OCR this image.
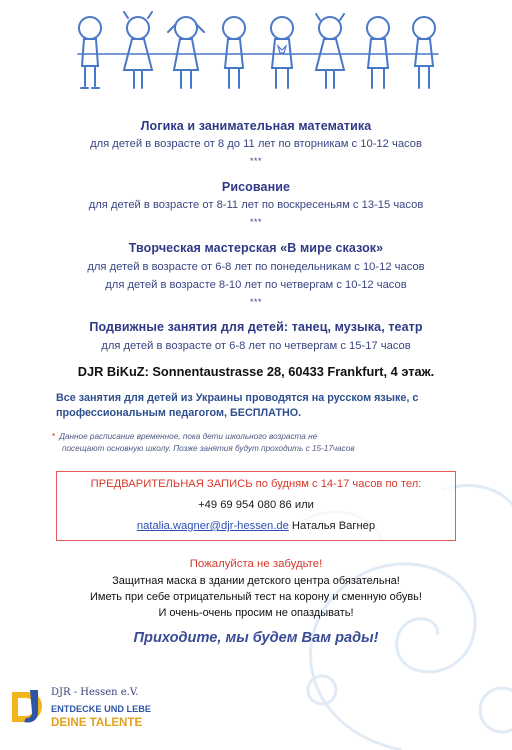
Логика и занимательная математика
для детей в возрасте от 8 до 11 лет по вторникам с 10-12 часов
***
Рисование
для детей в возрасте от 8-11 лет по воскресеньям с 13-15 часов
***
Творческая мастерская «В мире сказок»
для детей в возрасте от 6-8 лет по понедельникам с 10-12 часов
для детей в возрасте 8-10 лет по четвергам с 10-12 часов
***
Подвижные занятия для детей: танец, музыка, театр
для детей в возрасте от 6-8 лет по четвергам с 15-17 часов
DJR BiKuZ: Sonnentaustrasse 28, 60433 Frankfurt, 4 этаж.
Все занятия для детей из Украины проводятся на русском языке, с
профессиональным педагогом, БЕСПЛАТНО.
* Данное расписание временное, пока дети школьного возраста не
посещают основную школу. Позже занятия будут проходить с 15-17часов
ПРЕДВАРИТЕЛЬНАЯ ЗАПИСЬ по будням с 14-17 часов по тел:
+49 69 954 080 86 или
natalia.wagner@djr-hessen.de Наталья Вагнер
Пожалуйста не забудьте!
Защитная маска в здании детского центра обязательна!
Иметь при себе отрицательный тест на корону и сменную обувь!
И очень-очень просим не опаздывать!
Приходите, мы будем Вам рады!
DJR - Hessen e.V.
ENTDECKE UND LEBE
DEINE TALENTE
